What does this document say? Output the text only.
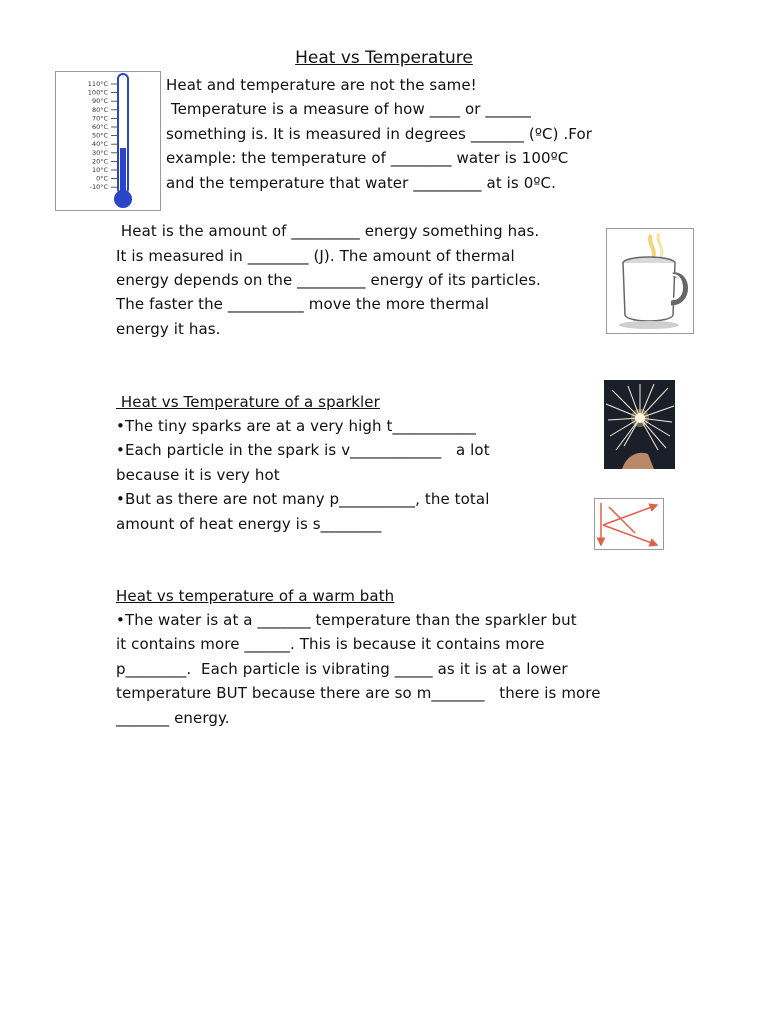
Heat vs Temperature
110°C
100°C
90°C
80°C
70°C
60°C
50°C
40°C
30°C
20°C
10°C
0°C
-10°C
Heat and temperature are not the same!
Temperature is a measure of how ____ or ______
something is. It is measured in degrees _______ (ºC) .For
example: the temperature of ________ water is 100ºC
and the temperature that water _________ at is 0ºC.
Heat is the amount of _________ energy something has.
It is measured in ________ (J). The amount of thermal
energy depends on the _________ energy of its particles.
The faster the __________ move the more thermal
energy it has.
Heat vs Temperature of a sparkler
•The tiny sparks are at a very high t___________
•Each particle in the spark is v____________   a lot
because it is very hot
•But as there are not many p__________, the total
amount of heat energy is s________
Heat vs temperature of a warm bath
•The water is at a _______ temperature than the sparkler but
it contains more ______. This is because it contains more
p________.  Each particle is vibrating _____ as it is at a lower
temperature BUT because there are so m_______   there is more
_______ energy.
